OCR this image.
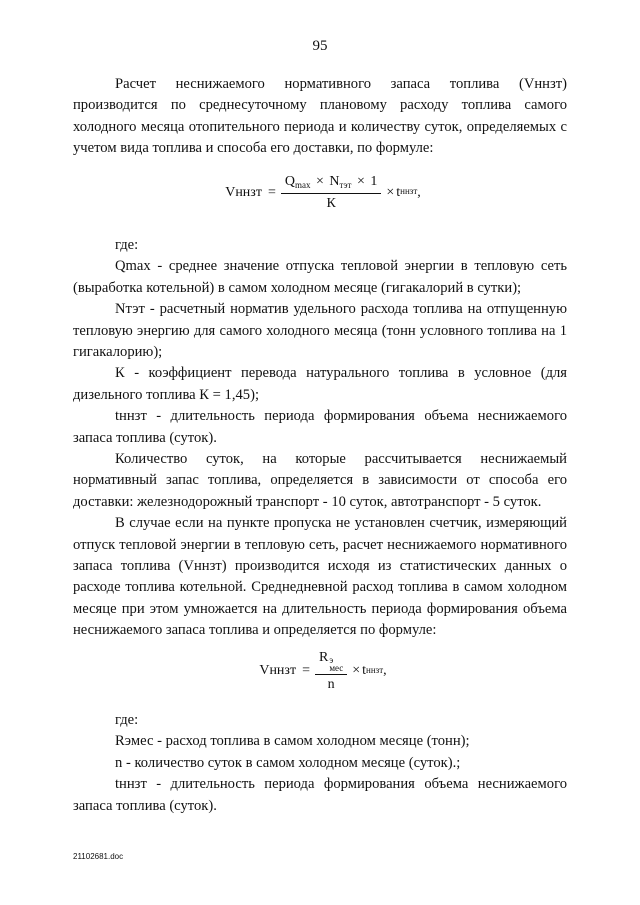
95

Расчет неснижаемого нормативного запаса топлива (Vннзт) производится по среднесуточному плановому расходу топлива самого холодного месяца отопительного периода и количеству суток, определяемых с учетом вида топлива и способа его доставки, по формуле:

Vннзт = $\frac{Q_{max} \times N_{тэт} \times 1}{К} \times t$ ннзт ,

где:

Qmax - среднее значение отпуска тепловой энергии в тепловую сеть (выработка котельной) в самом холодном месяце (гигакалорий в сутки);

Nтэт - расчетный норматив удельного расхода топлива на отпущенную тепловую энергию для самого холодного месяца (тонн условного топлива на 1 гигакалорию);

К - коэффициент перевода натурального топлива в условное (для дизельного топлива К = 1,45);

tннзт - длительность периода формирования объема неснижаемого запаса топлива (суток).

Количество суток, на которые рассчитывается неснижаемый нормативный запас топлива, определяется в зависимости от способа его доставки: железнодорожный транспорт - 10 суток, автотранспорт - 5 суток.

В случае если на пункте пропуска не установлен счетчик, измеряющий отпуск тепловой энергии в тепловую сеть, расчет неснижаемого нормативного запаса топлива (Vннзт) производится исходя из статистических данных о расходе топлива котельной. Среднедневной расход топлива в самом холодном месяце при этом умножается на длительность периода формирования объема неснижаемого запаса топлива и определяется по формуле:

Vннзт = R э
мес
n × t ннзт ,

где:

Rэмес - расход топлива в самом холодном месяце (тонн);

n - количество суток в самом холодном месяце (суток).;

tннзт - длительность периода формирования объема неснижаемого запаса топлива (суток).

21102681.doc
